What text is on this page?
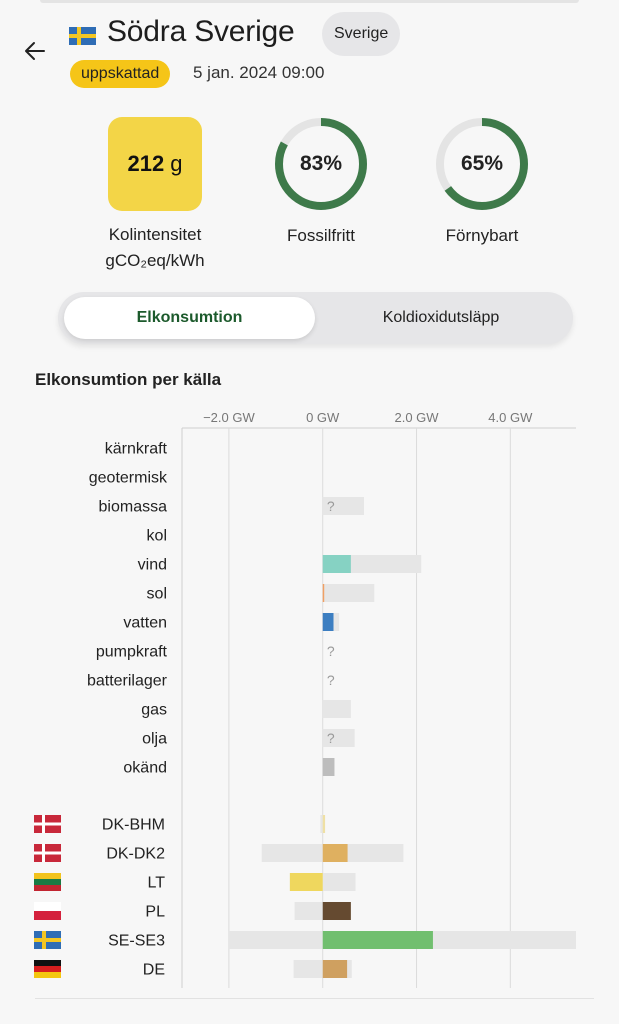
Södra Sverige	Sverige
uppskattad	5 jan. 2024 09:00
212 g
Kolintensitet
gCO₂eq/kWh
83%
Fossilfritt
65%
Förnybart
Elkonsumtion	Koldioxidutsläpp
Elkonsumtion per källa
−2.0 GW	0 GW	2.0 GW	4.0 GW
kärnkraft
geotermisk
biomassa	?
kol
vind
sol
vatten
pumpkraft	?
batterilager	?
gas
olja	?
okänd
DK-BHM
DK-DK2
LT
PL
SE-SE3
DE
